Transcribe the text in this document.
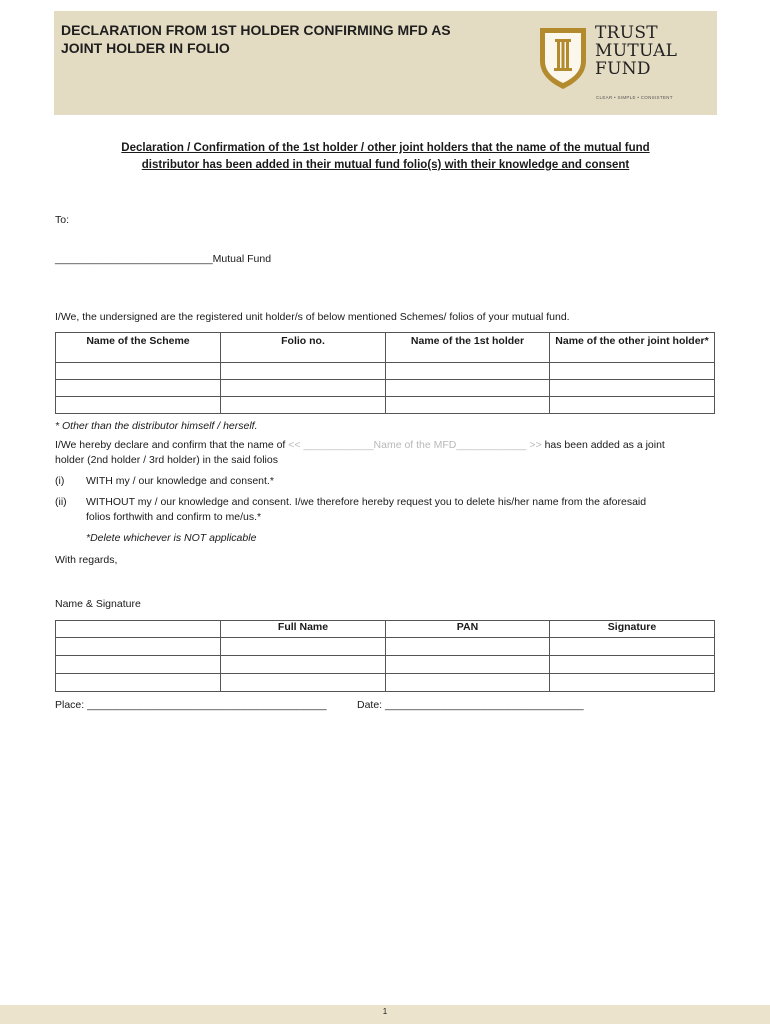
DECLARATION FROM 1ST HOLDER CONFIRMING MFD AS
JOINT HOLDER IN FOLIO
TRUST
MUTUAL
FUND
CLEAR • SIMPLE • CONSISTENT
Declaration / Confirmation of the 1st holder / other joint holders that the name of the mutual fund
distributor has been added in their mutual fund folio(s) with their knowledge and consent
To:
___________________________Mutual Fund
I/We, the undersigned are the registered unit holder/s of below mentioned Schemes/ folios of your mutual fund.
Name of the Scheme	Folio no.	Name of the 1st holder	Name of the other joint holder*

* Other than the distributor himself / herself.
I/We hereby declare and confirm that the name of << ____________Name of the MFD____________ >> has been added as a joint
holder (2nd holder / 3rd holder) in the said folios
(i) WITH my / our knowledge and consent.*
(ii) WITHOUT my / our knowledge and consent. I/we therefore hereby request you to delete his/her name from the aforesaid
folios forthwith and confirm to me/us.*
*Delete whichever is NOT applicable
With regards,
Name & Signature
	Full Name	PAN	Signature

Place: _________________________________________	Date: __________________________________
1
